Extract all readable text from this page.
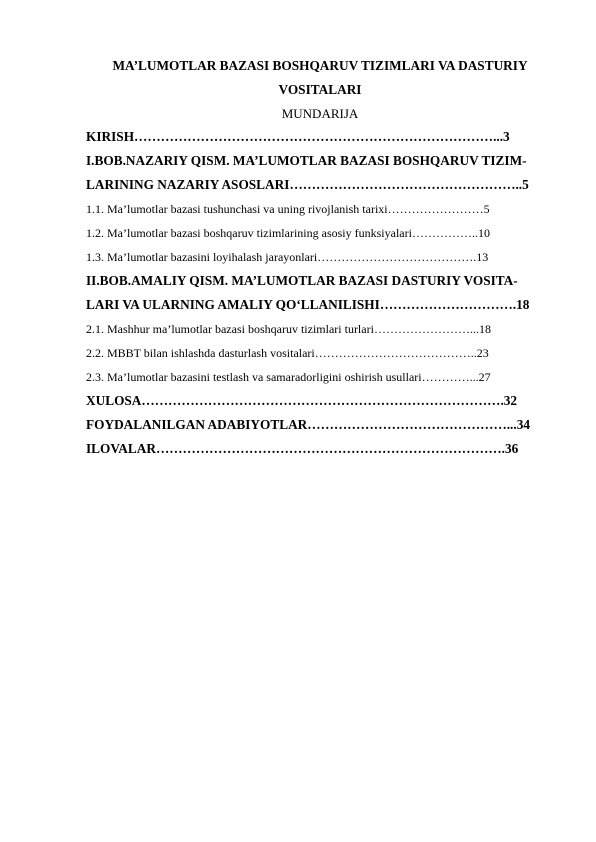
MA’LUMOTLAR BAZASI BOSHQARUV TIZIMLARI VA DASTURIY
VOSITALARI
MUNDARIJA
KIRISH………………………………………………………………………...3
I.BOB.NAZARIY QISM. MA’LUMOTLAR BAZASI BOSHQARUV TIZIM-
LARINING NAZARIY ASOSLARI……………………………………………..5
1.1. Ma’lumotlar bazasi tushunchasi va uning rivojlanish tarixi……………………5
1.2. Ma’lumotlar bazasi boshqaruv tizimlarining asosiy funksiyalari……………..10
1.3. Ma’lumotlar bazasini loyihalash jarayonlari………………………………….13
II.BOB.AMALIY QISM. MA’LUMOTLAR BAZASI DASTURIY VOSITA-
LARI VA ULARNING AMALIY QO‘LLANILISHI………………………….18
2.1. Mashhur ma’lumotlar bazasi boshqaruv tizimlari turlari……………………...18
2.2. MBBT bilan ishlashda dasturlash vositalari…………………………………..23
2.3. Ma’lumotlar bazasini testlash va samaradorligini oshirish usullari…………...27
XULOSA……………………………………………………………………….32
FOYDALANILGAN ADABIYOTLAR………………………………………...34
ILOVALAR…………………………………………………………………….36
